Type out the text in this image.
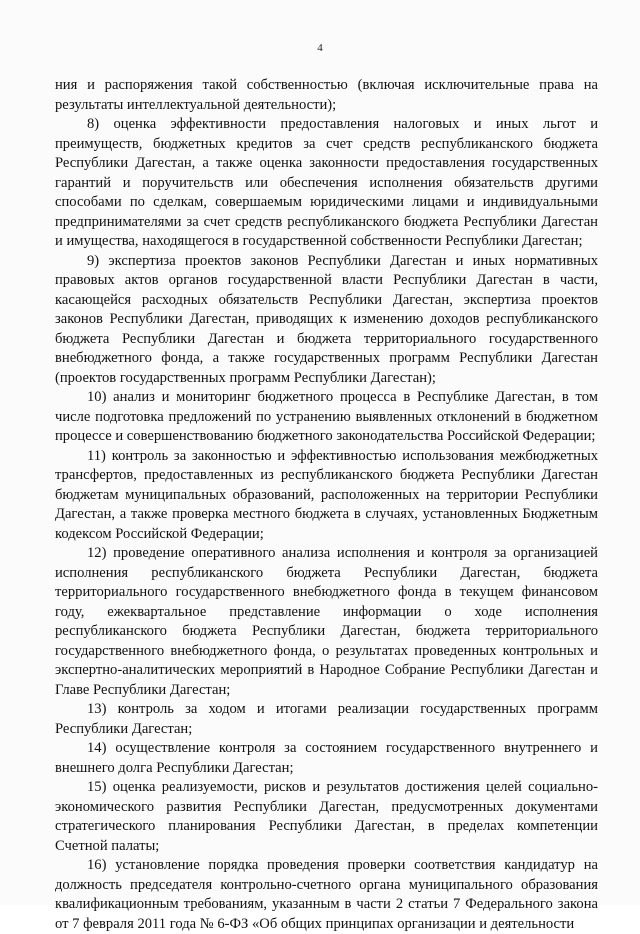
4

ния и распоряжения такой собственностью (включая исключительные права на результаты интеллектуальной деятельности);

8) оценка эффективности предоставления налоговых и иных льгот и преимуществ, бюджетных кредитов за счет средств республиканского бюджета Республики Дагестан, а также оценка законности предоставления государственных гарантий и поручительств или обеспечения исполнения обязательств другими способами по сделкам, совершаемым юридическими лицами и индивидуальными предпринимателями за счет средств республиканского бюджета Республики Дагестан и имущества, находящегося в государственной собственности Республики Дагестан;

9) экспертиза проектов законов Республики Дагестан и иных нормативных правовых актов органов государственной власти Республики Дагестан в части, касающейся расходных обязательств Республики Дагестан, экспертиза проектов законов Республики Дагестан, приводящих к изменению доходов республиканского бюджета Республики Дагестан и бюджета территориального государственного внебюджетного фонда, а также государственных программ Республики Дагестан (проектов государственных программ Республики Дагестан);

10) анализ и мониторинг бюджетного процесса в Республике Дагестан, в том числе подготовка предложений по устранению выявленных отклонений в бюджетном процессе и совершенствованию бюджетного законодательства Российской Федерации;

11) контроль за законностью и эффективностью использования межбюджетных трансфертов, предоставленных из республиканского бюджета Республики Дагестан бюджетам муниципальных образований, расположенных на территории Республики Дагестан, а также проверка местного бюджета в случаях, установленных Бюджетным кодексом Российской Федерации;

12) проведение оперативного анализа исполнения и контроля за организацией исполнения республиканского бюджета Республики Дагестан, бюджета территориального государственного внебюджетного фонда в текущем финансовом году, ежеквартальное представление информации о ходе исполнения республиканского бюджета Республики Дагестан, бюджета территориального государственного внебюджетного фонда, о результатах проведенных контрольных и экспертно-аналитических мероприятий в Народное Собрание Республики Дагестан и Главе Республики Дагестан;

13) контроль за ходом и итогами реализации государственных программ Республики Дагестан;

14) осуществление контроля за состоянием государственного внутреннего и внешнего долга Республики Дагестан;

15) оценка реализуемости, рисков и результатов достижения целей социально-экономического развития Республики Дагестан, предусмотренных документами стратегического планирования Республики Дагестан, в пределах компетенции Счетной палаты;

16) установление порядка проведения проверки соответствия кандидатур на должность председателя контрольно-счетного органа муниципального образования квалификационным требованиям, указанным в части 2 статьи 7 Федерального закона от 7 февраля 2011 года № 6-ФЗ «Об общих принципах организации и деятельности
